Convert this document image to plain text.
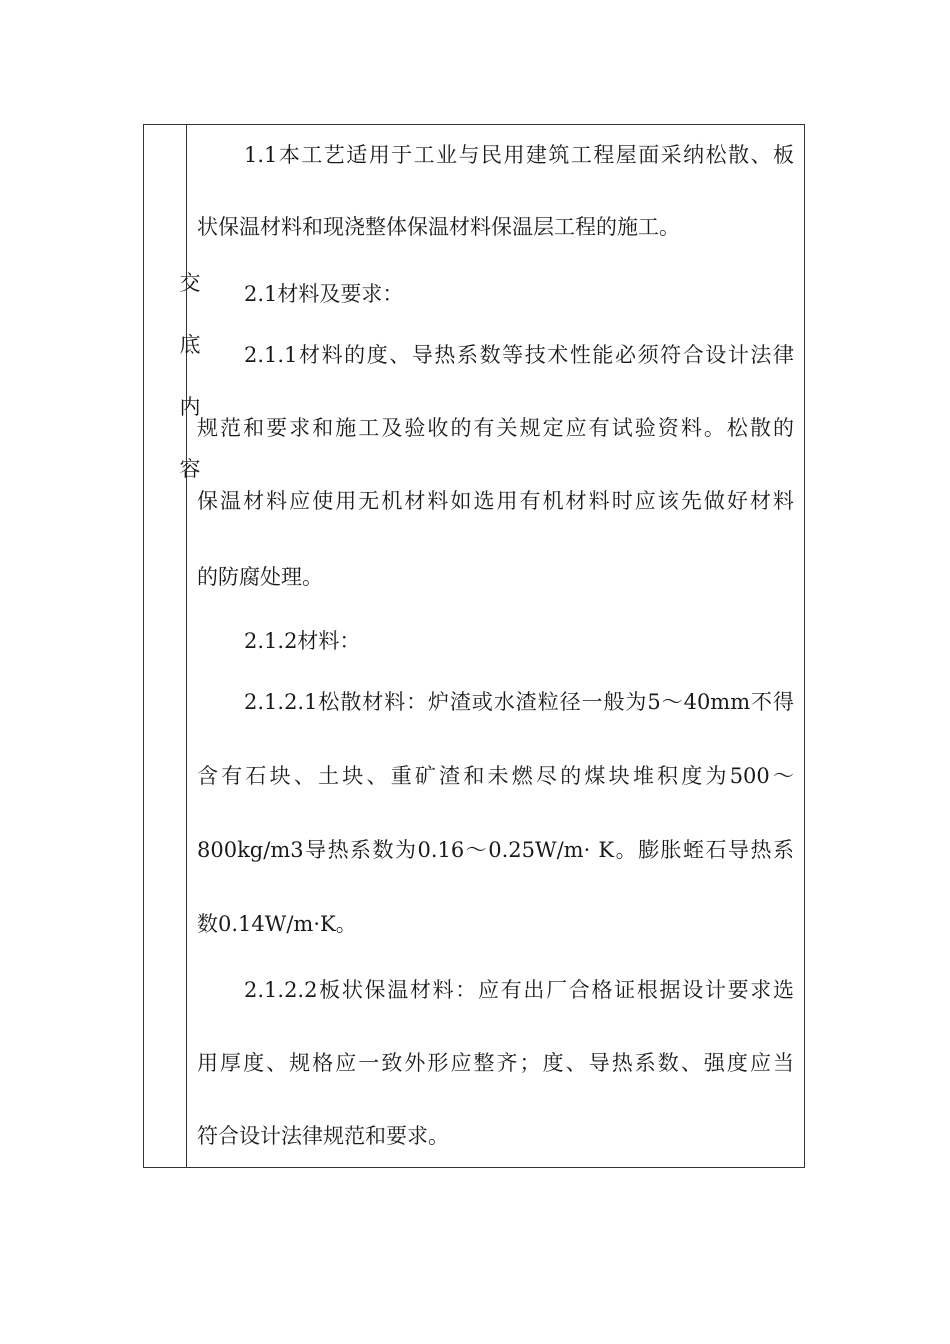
交
底
内
容
1.1本工艺适用于工业与民用建筑工程屋面采纳松散、板
状保温材料和现浇整体保温材料保温层工程的施工。
2.1材料及要求：
2.1.1材料的度、导热系数等技术性能必须符合设计法律
规范和要求和施工及验收的有关规定应有试验资料。松散的
保温材料应使用无机材料如选用有机材料时应该先做好材料
的防腐处理。
2.1.2材料：
2.1.2.1松散材料：炉渣或水渣粒径一般为5～40mm不得
含有石块、土块、重矿渣和未燃尽的煤块堆积度为500～
800kg/m3导热系数为0.16～0.25W/m· K。膨胀蛭石导热系
数0.14W/m·K。
2.1.2.2板状保温材料：应有出厂合格证根据设计要求选
用厚度、规格应一致外形应整齐；度、导热系数、强度应当
符合设计法律规范和要求。
